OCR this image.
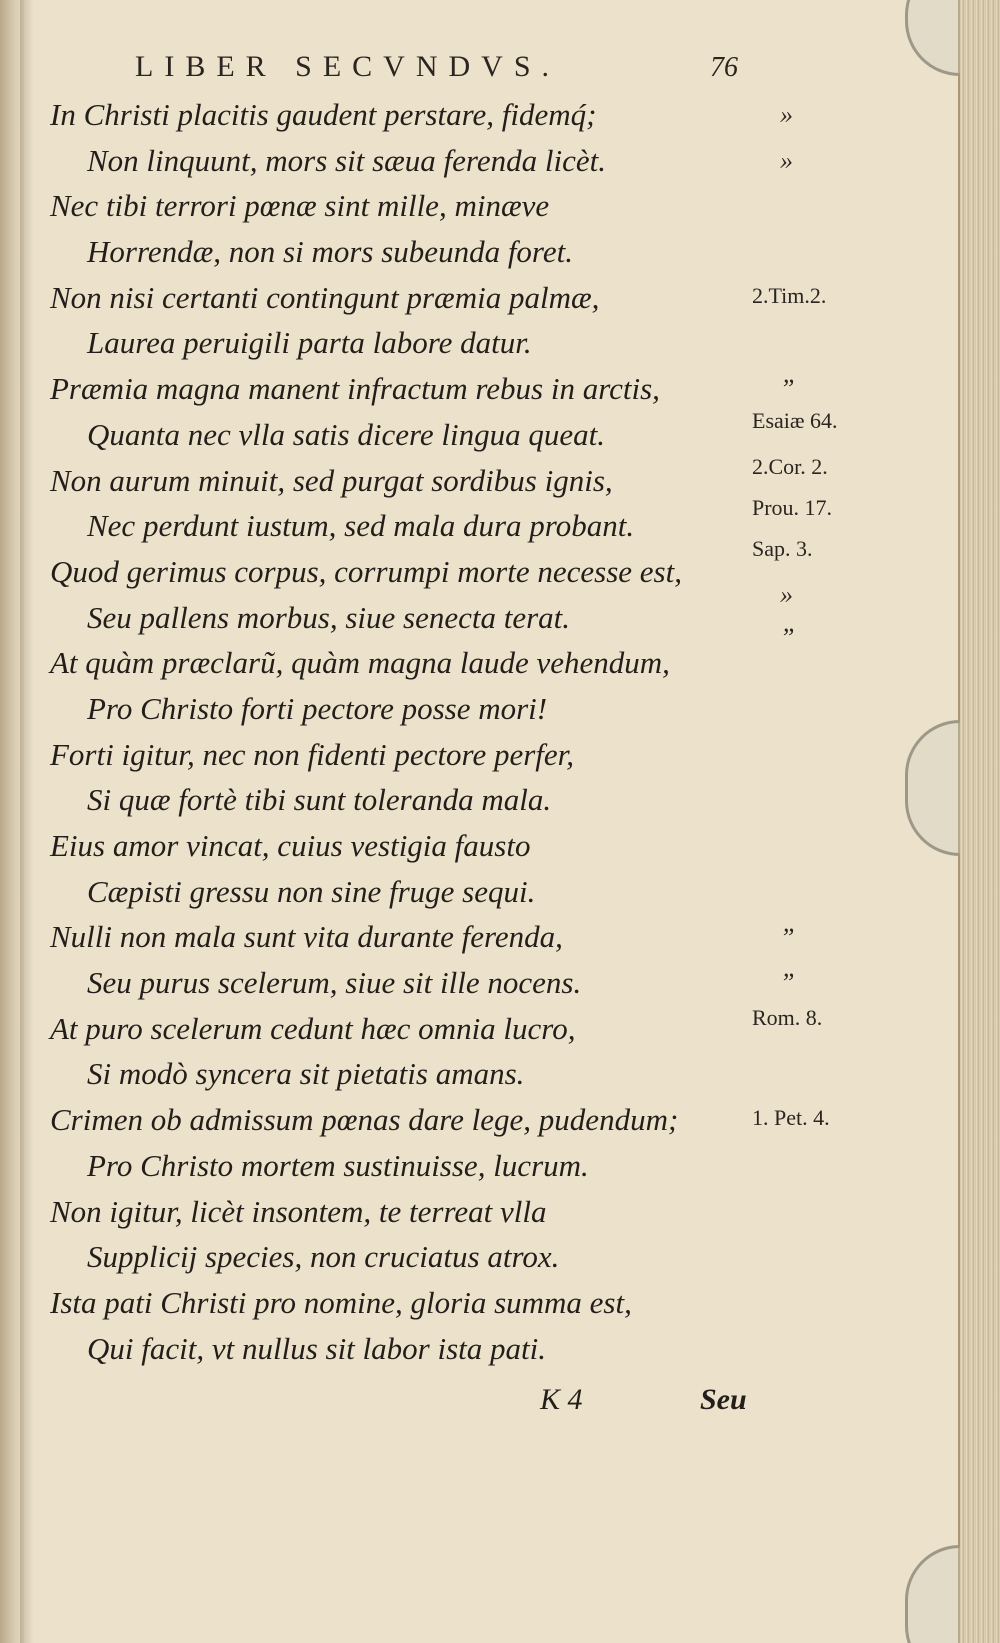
LIBER SECVNDVS.	76
In Christi placitis gaudent perstare, fidemq́;
Non linquunt, mors sit sæua ferenda licèt.
Nec tibi terrori pœnæ sint mille, minæve
Horrendæ, non si mors subeunda foret.
Non nisi certanti contingunt præmia palmæ,
Laurea peruigili parta labore datur.
Præmia magna manent infractum rebus in arctis,
Quanta nec vlla satis dicere lingua queat.
Non aurum minuit, sed purgat sordibus ignis,
Nec perdunt iustum, sed mala dura probant.
Quod gerimus corpus, corrumpi morte necesse est,
Seu pallens morbus, siue senecta terat.
At quàm præclarũ, quàm magna laude vehendum,
Pro Christo forti pectore posse mori!
Forti igitur, nec non fidenti pectore perfer,
Si quæ fortè tibi sunt toleranda mala.
Eius amor vincat, cuius vestigia fausto
Cæpisti gressu non sine fruge sequi.
Nulli non mala sunt vita durante ferenda,
Seu purus scelerum, siue sit ille nocens.
At puro scelerum cedunt hæc omnia lucro,
Si modò syncera sit pietatis amans.
Crimen ob admissum pœnas dare lege, pudendum;
Pro Christo mortem sustinuisse, lucrum.
Non igitur, licèt insontem, te terreat vlla
Supplicij species, non cruciatus atrox.
Ista pati Christi pro nomine, gloria summa est,
Qui facit, vt nullus sit labor ista pati.
»
»
2.Tim.2.
”
Esaiæ 64.
2.Cor. 2.
Prou. 17.
Sap. 3.
»
”
”
”
Rom. 8.
1. Pet. 4.
K 4	Seu
